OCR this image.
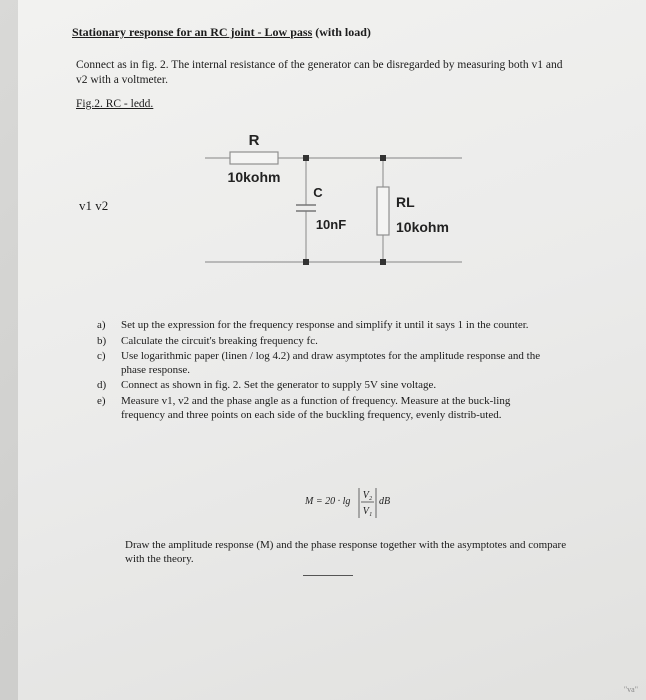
Stationary response for an RC joint - Low pass (with load)
Connect as in fig. 2. The internal resistance of the generator can be disregarded by measuring both v1 and v2 with a voltmeter.
Fig.2. RC - ledd.
v1 v2
R
10kohm
C
10nF
RL
10kohm
a) Set up the expression for the frequency response and simplify it until it says 1 in the counter.
b) Calculate the circuit's breaking frequency fc.
c) Use logarithmic paper (linen / log 4.2) and draw asymptotes for the amplitude response and the phase response.
d) Connect as shown in fig. 2. Set the generator to supply 5V sine voltage.
e) Measure v1, v2 and the phase angle as a function of frequency. Measure at the buck-ling frequency and three points on each side of the buckling frequency, evenly distrib-uted.
M = 20 · lg
V₂
V₁
dB
Draw the amplitude response (M) and the phase response together with the asymptotes and compare with the theory.
"va"
